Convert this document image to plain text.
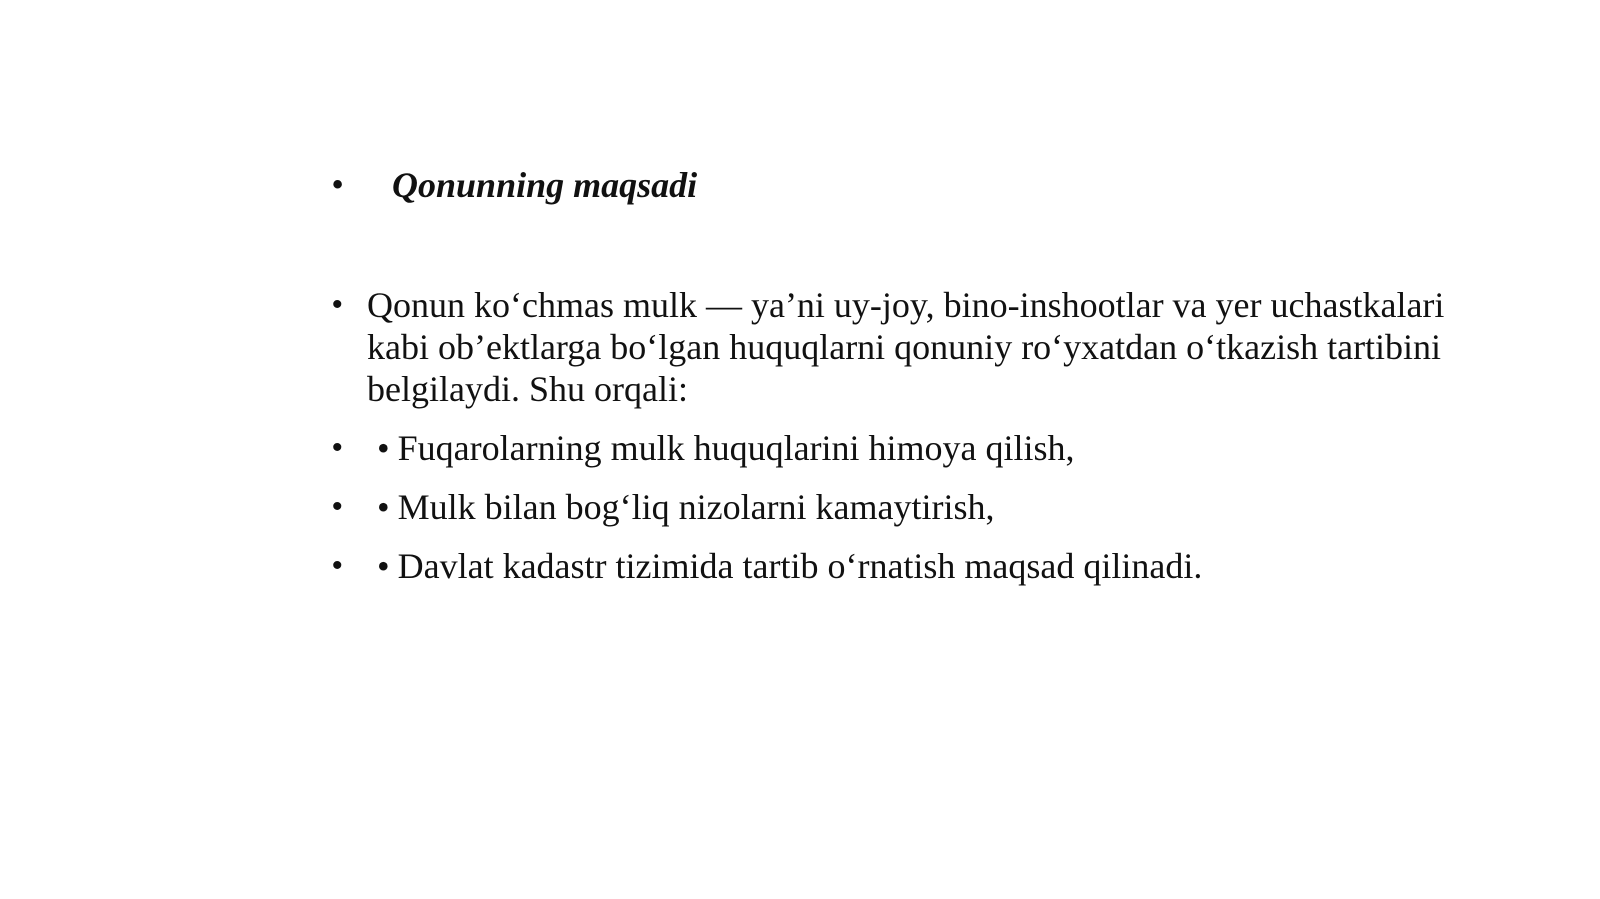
• Qonunning maqsadi
• Qonun ko‘chmas mulk — ya’ni uy-joy, bino-inshootlar va yer uchastkalari kabi ob’ektlarga bo‘lgan huquqlarni qonuniy ro‘yxatdan o‘tkazish tartibini belgilaydi. Shu orqali:
• • Fuqarolarning mulk huquqlarini himoya qilish,
• • Mulk bilan bog‘liq nizolarni kamaytirish,
• • Davlat kadastr tizimida tartib o‘rnatish maqsad qilinadi.
